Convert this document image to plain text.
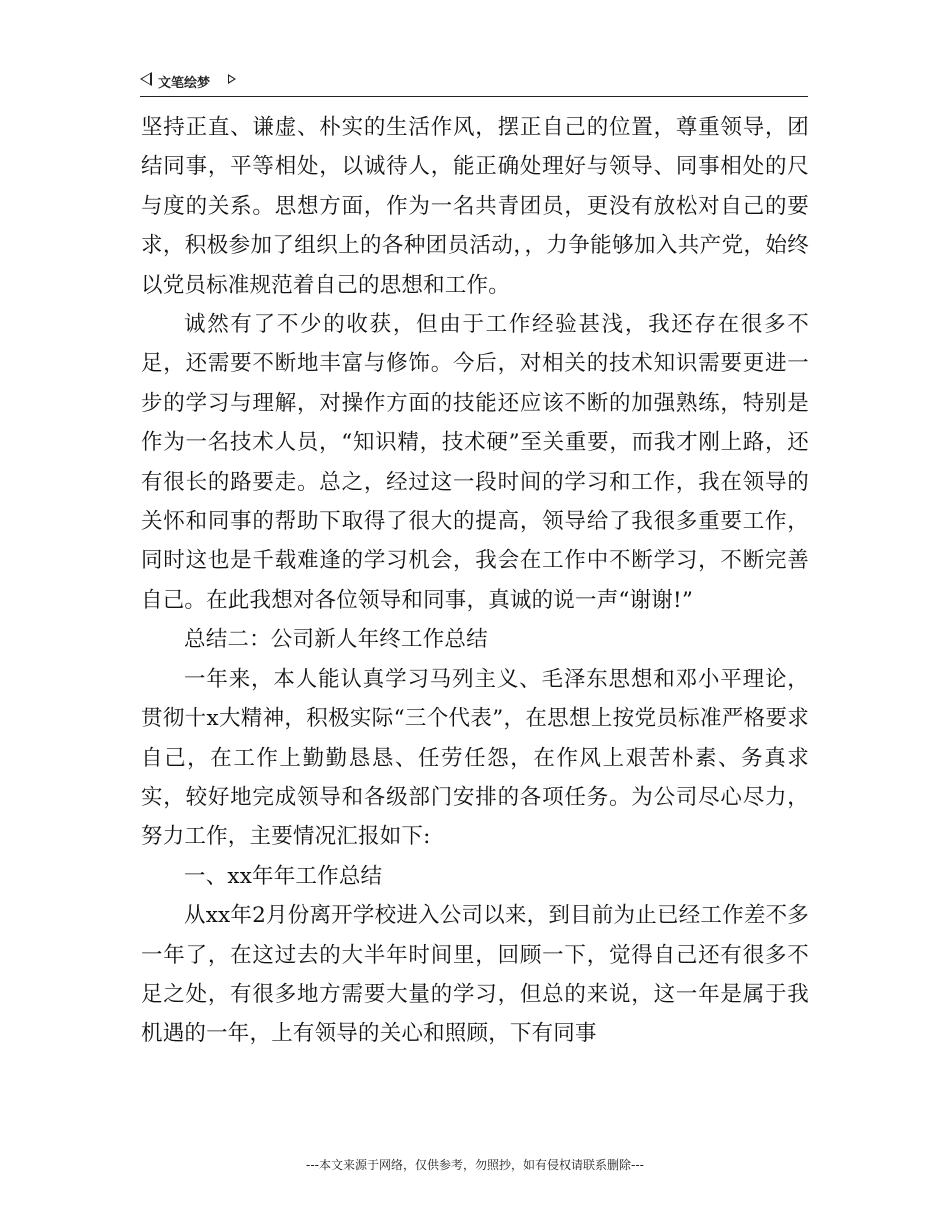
文笔绘梦

坚持正直、谦虚、朴实的生活作风，摆正自己的位置，尊重领导，团结同事，平等相处，以诚待人，能正确处理好与领导、同事相处的尺与度的关系。思想方面，作为一名共青团员，更没有放松对自己的要求，积极参加了组织上的各种团员活动，，力争能够加入共产党，始终以党员标准规范着自己的思想和工作。

诚然有了不少的收获，但由于工作经验甚浅，我还存在很多不足，还需要不断地丰富与修饰。今后，对相关的技术知识需要更进一步的学习与理解，对操作方面的技能还应该不断的加强熟练，特别是作为一名技术人员，“知识精，技术硬”至关重要，而我才刚上路，还有很长的路要走。总之，经过这一段时间的学习和工作，我在领导的关怀和同事的帮助下取得了很大的提高，领导给了我很多重要工作，同时这也是千载难逢的学习机会，我会在工作中不断学习，不断完善自己。在此我想对各位领导和同事，真诚的说一声“谢谢!”

总结二：公司新人年终工作总结

一年来，本人能认真学习马列主义、毛泽东思想和邓小平理论，贯彻十x大精神，积极实际“三个代表”，在思想上按党员标准严格要求自己，在工作上勤勤恳恳、任劳任怨，在作风上艰苦朴素、务真求实，较好地完成领导和各级部门安排的各项任务。为公司尽心尽力，努力工作，主要情况汇报如下:

一、xx年年工作总结

从xx年2月份离开学校进入公司以来，到目前为止已经工作差不多一年了，在这过去的大半年时间里，回顾一下，觉得自己还有很多不足之处，有很多地方需要大量的学习，但总的来说，这一年是属于我机遇的一年，上有领导的关心和照顾，下有同事

---本文来源于网络，仅供参考，勿照抄，如有侵权请联系删除---
